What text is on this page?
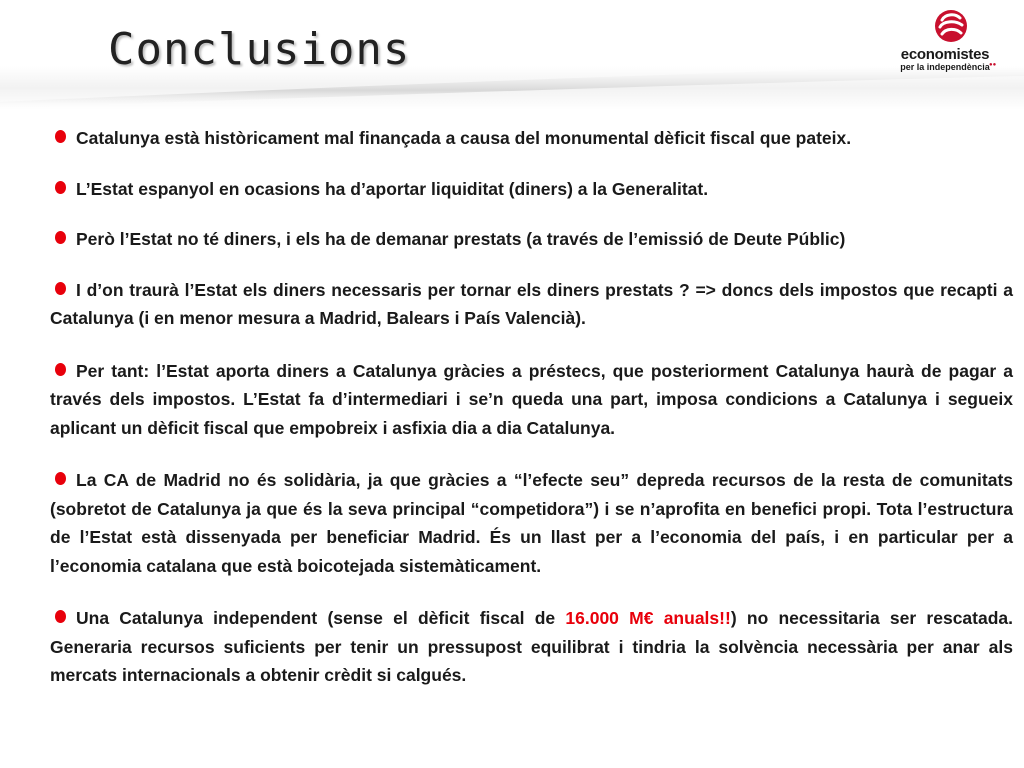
Conclusions	economistes
per la independència ●●

Catalunya està històricament mal finançada a causa del monumental dèficit fiscal que pateix.

L’Estat espanyol en ocasions ha d’aportar liquiditat (diners) a la Generalitat.

Però l’Estat no té diners, i els ha de demanar prestats (a través de l’emissió de Deute Públic)

I d’on traurà l’Estat els diners necessaris per tornar els diners prestats ? => doncs dels impostos que recapti a Catalunya (i en menor mesura a Madrid, Balears i País Valencià).

Per tant: l’Estat aporta diners a Catalunya gràcies a préstecs, que posteriorment Catalunya haurà de pagar a través dels impostos. L’Estat fa d’intermediari i se’n queda una part, imposa condicions a Catalunya i segueix aplicant un dèficit fiscal que empobreix i asfixia dia a dia Catalunya.

La CA de Madrid no és solidària, ja que gràcies a “l’efecte seu” depreda recursos de la resta de comunitats (sobretot de Catalunya ja que és la seva principal “competidora”) i se n’aprofita en benefici propi. Tota l’estructura de l’Estat està dissenyada per beneficiar Madrid. És un llast per a l’economia del país, i en particular per a l’economia catalana que està boicotejada sistemàticament.

Una Catalunya independent (sense el dèficit fiscal de 16.000 M€ anuals!!) no necessitaria ser rescatada. Generaria recursos suficients per tenir un pressupost equilibrat i tindria la solvència necessària per anar als mercats internacionals a obtenir crèdit si calgués.
